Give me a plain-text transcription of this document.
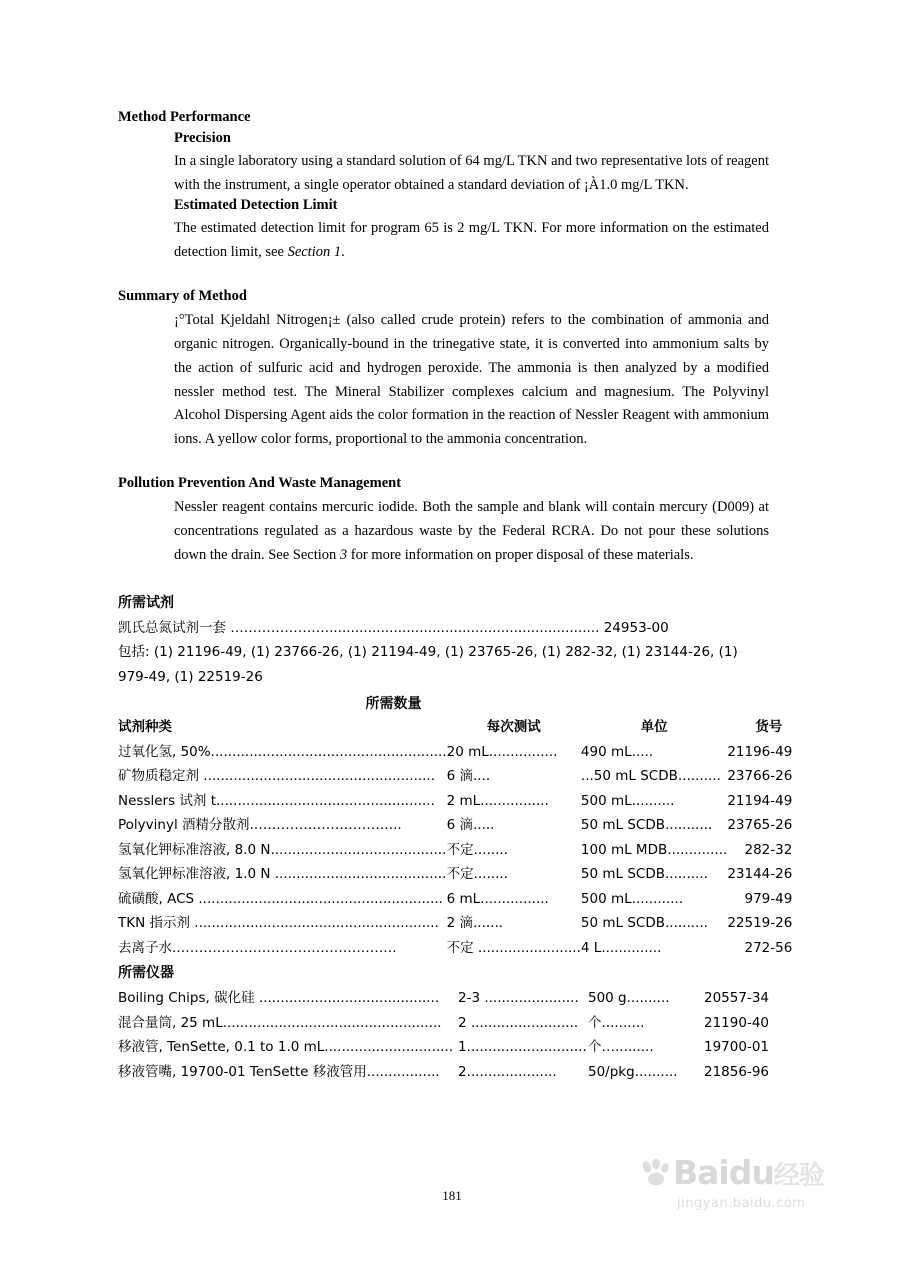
Method Performance
Precision

In a single laboratory using a standard solution of 64 mg/L TKN and two representative lots of reagent with the instrument, a single operator obtained a standard deviation of ¡À1.0 mg/L TKN.

Estimated Detection Limit

The estimated detection limit for program 65 is 2 mg/L TKN. For more information on the estimated detection limit, see Section 1.

Summary of Method

¡°Total Kjeldahl Nitrogen¡± (also called crude protein) refers to the combination of ammonia and organic nitrogen. Organically-bound in the trinegative state, it is converted into ammonium salts by the action of sulfuric acid and hydrogen peroxide. The ammonia is then analyzed by a modified nessler method test. The Mineral Stabilizer complexes calcium and magnesium. The Polyvinyl Alcohol Dispersing Agent aids the color formation in the reaction of Nessler Reagent with ammonium ions. A yellow color forms, proportional to the ammonia concentration.

Pollution Prevention And Waste Management

Nessler reagent contains mercuric iodide. Both the sample and blank will contain mercury (D009) at concentrations regulated as a hazardous waste by the Federal RCRA. Do not pour these solutions down the drain. See Section 3 for more information on proper disposal of these materials.

所需试剂
凯氏总氮试剂一套 …………………................................................................ 24953-00
包括: (1) 21196-49, (1) 23766-26, (1) 21194-49, (1) 23765-26, (1) 282-32, (1) 23144-26, (1) 979-49, (1) 22519-26
所需数量
试剂种类	每次测试	单位	货号
过氧化氢, 50%.......................................................	20 mL................	490 mL.....	21196-49
矿物质稳定剂 ......................................................	6 滴....	...50 mL SCDB..........	23766-26
Nesslers 试剂 t...................................................	2 mL................	500 mL..........	21194-49
Polyvinyl 酒精分散剂.…………………………...	6 滴.....	50 mL SCDB...........	23765-26
氢氧化钾标准溶液, 8.0 N.........................................	不定........	100 mL MDB..............	282-32
氢氧化钾标准溶液, 1.0 N ........................................	不定........	50 mL SCDB..........	23144-26
硫磺酸, ACS .........................................................	6 mL................	500 mL............	979-49
TKN 指示剂 .........................................................	2 滴.......	50 mL SCDB..........	22519-26
去离子水.………………………………………….	不定 ........................	4 L..............	272-56
所需仪器
Boiling Chips, 碳化硅 ..........................................	2-3 ......................	500 g..........	20557-34
混合量筒, 25 mL...................................................	2 .........................	个..........	21190-40
移液管, TenSette, 0.1 to 1.0 mL..............................	1............................	个….........	19700-01
移液管嘴, 19700-01 TenSette 移液管用.................	2.....................	50/pkg..........	21856-96
181
Baidu经验
jingyan.baidu.com
